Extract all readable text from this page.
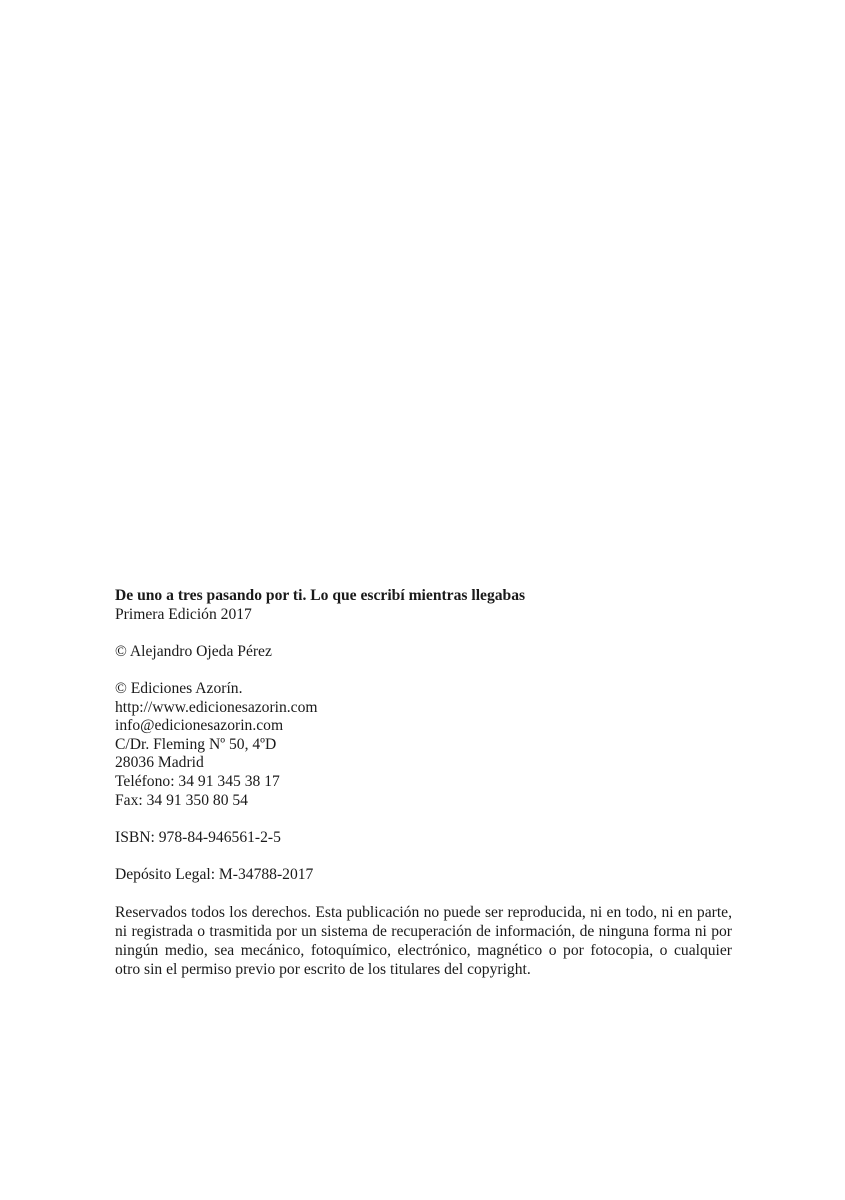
De uno a tres pasando por ti. Lo que escribí mientras llegabas

Primera Edición 2017

© Alejandro Ojeda Pérez

© Ediciones Azorín.

http://www.edicionesazorin.com

info@edicionesazorin.com

C/Dr. Fleming Nº 50, 4ºD

28036 Madrid

Teléfono: 34 91 345 38 17

Fax: 34 91 350 80 54

ISBN: 978-84-946561-2-5

Depósito Legal: M-34788-2017

Reservados todos los derechos. Esta publicación no puede ser reproducida, ni en todo, ni en parte, ni registrada o trasmitida por un sistema de recuperación de información, de ninguna forma ni por ningún medio, sea mecánico, fotoquímico, electrónico, magnético o por fotocopia, o cualquier otro sin el permiso previo por escrito de los titulares del copyright.
